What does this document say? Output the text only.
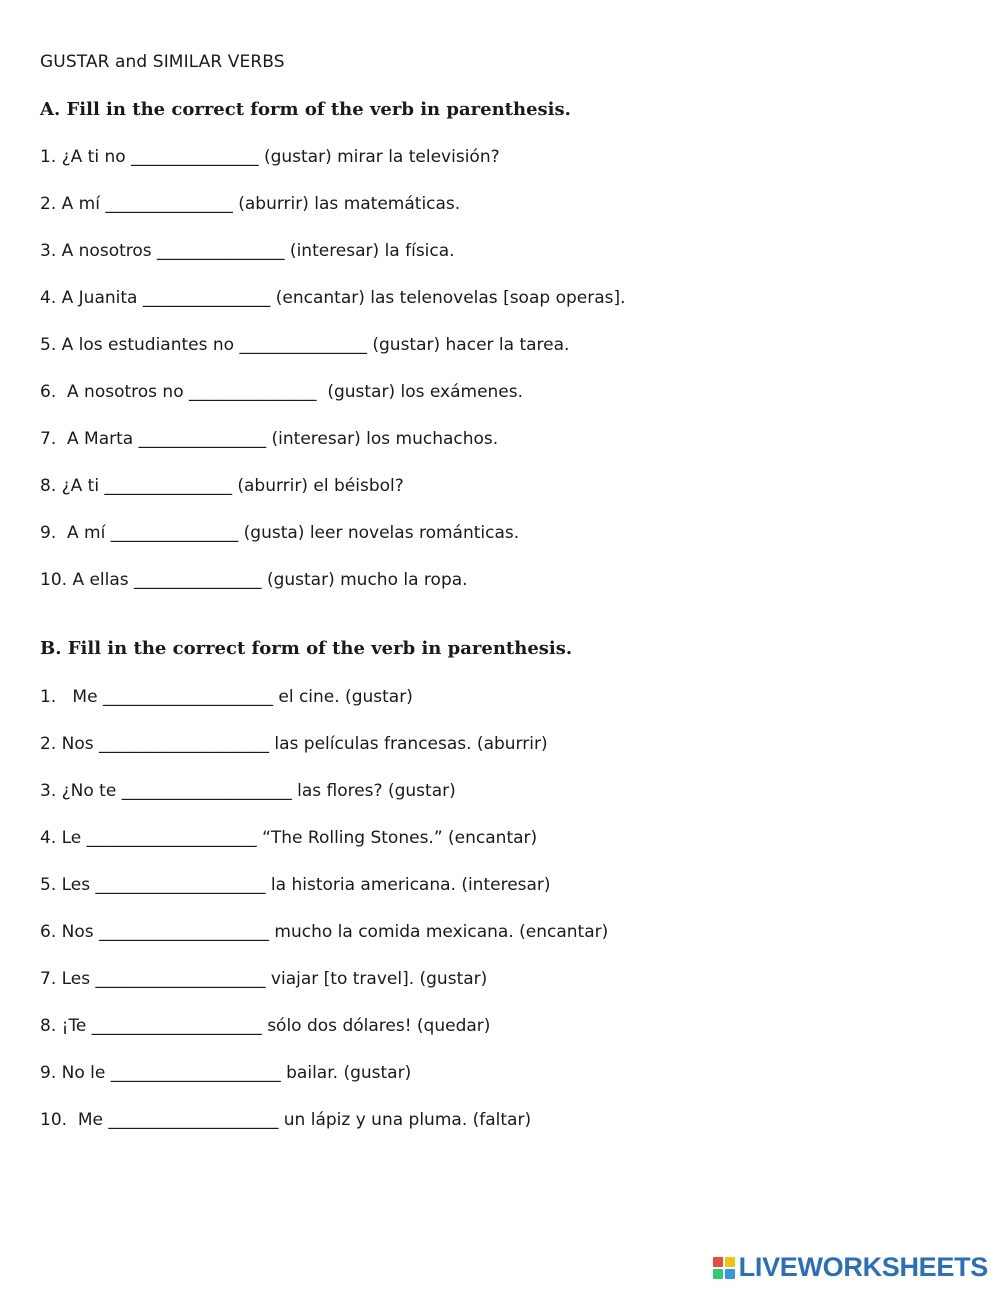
GUSTAR and SIMILAR VERBS
A. Fill in the correct form of the verb in parenthesis.
1. ¿A ti no _______________ (gustar) mirar la televisión?
2. A mí _______________ (aburrir) las matemáticas.
3. A nosotros _______________ (interesar) la física.
4. A Juanita _______________ (encantar) las telenovelas [soap operas].
5. A los estudiantes no _______________ (gustar) hacer la tarea.
6.  A nosotros no _______________  (gustar) los exámenes.
7.  A Marta _______________ (interesar) los muchachos.
8. ¿A ti _______________ (aburrir) el béisbol?
9.  A mí _______________ (gusta) leer novelas románticas.
10. A ellas _______________ (gustar) mucho la ropa.
B. Fill in the correct form of the verb in parenthesis.
1.   Me ____________________ el cine. (gustar)
2. Nos ____________________ las películas francesas. (aburrir)
3. ¿No te ____________________ las flores? (gustar)
4. Le ____________________ “The Rolling Stones.” (encantar)
5. Les ____________________ la historia americana. (interesar)
6. Nos ____________________ mucho la comida mexicana. (encantar)
7. Les ____________________ viajar [to travel]. (gustar)
8. ¡Te ____________________ sólo dos dólares! (quedar)
9. No le ____________________ bailar. (gustar)
10.  Me ____________________ un lápiz y una pluma. (faltar)
LIVEWORKSHEETS
